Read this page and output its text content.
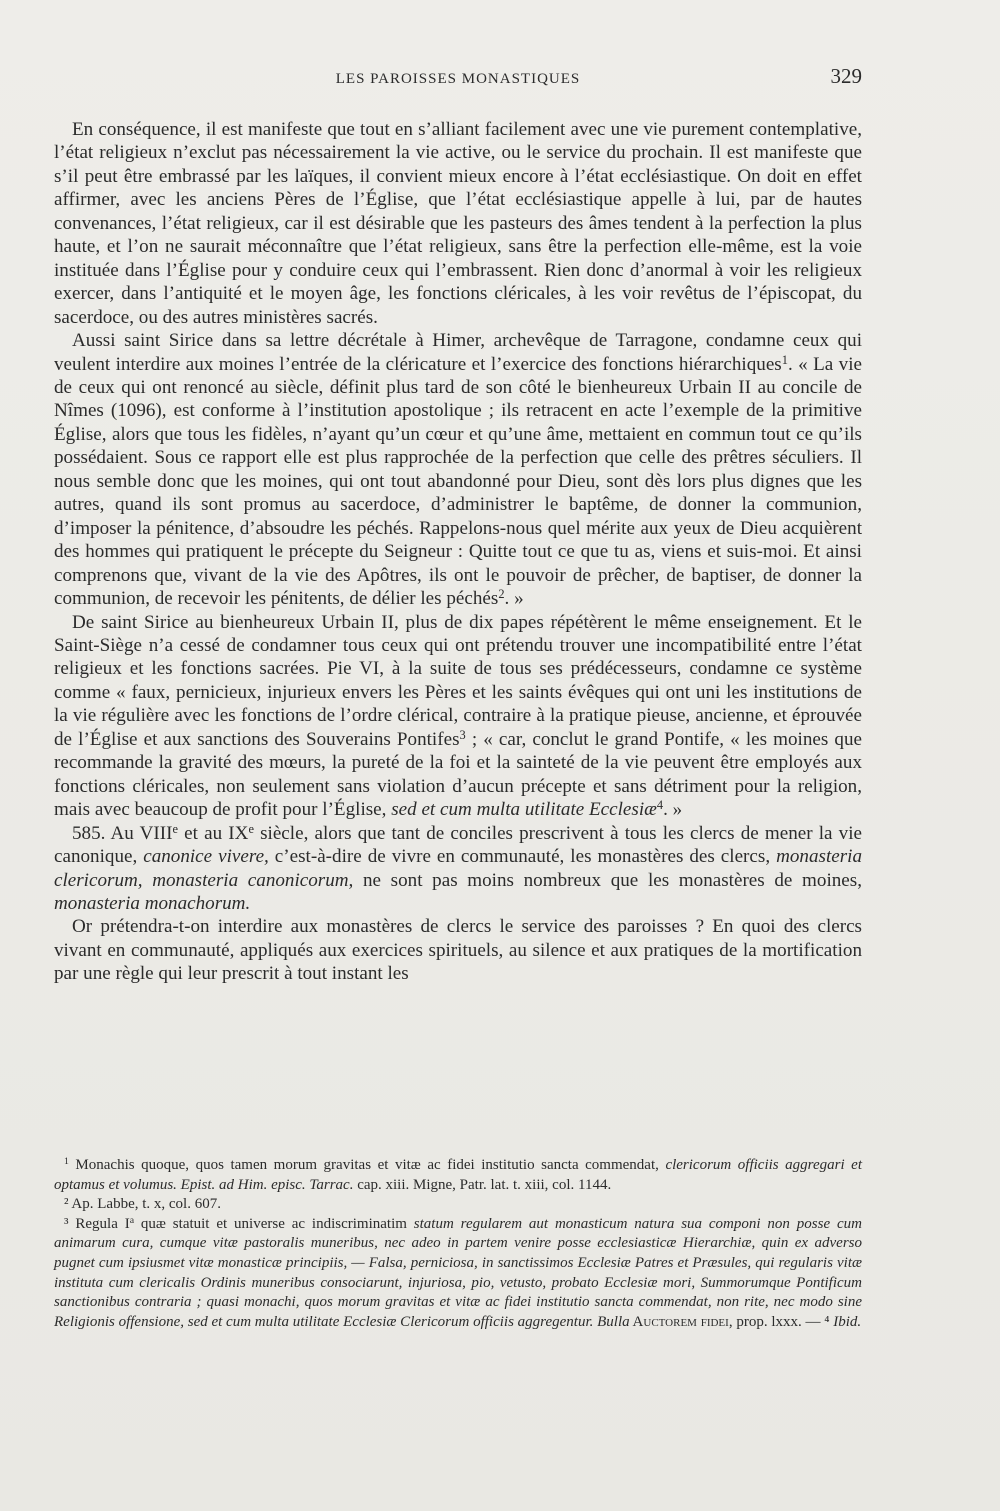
LES PAROISSES MONASTIQUES	329

En conséquence, il est manifeste que tout en s’alliant facilement avec une vie purement contemplative, l’état religieux n’exclut pas nécessairement la vie active, ou le service du prochain. Il est manifeste que s’il peut être embrassé par les laïques, il convient mieux encore à l’état ecclésiastique. On doit en effet affirmer, avec les anciens Pères de l’Église, que l’état ecclésiastique appelle à lui, par de hautes convenances, l’état religieux, car il est désirable que les pasteurs des âmes tendent à la perfection la plus haute, et l’on ne saurait méconnaître que l’état religieux, sans être la perfection elle-même, est la voie instituée dans l’Église pour y conduire ceux qui l’embrassent. Rien donc d’anormal à voir les religieux exercer, dans l’antiquité et le moyen âge, les fonctions cléricales, à les voir revêtus de l’épiscopat, du sacerdoce, ou des autres ministères sacrés.

Aussi saint Sirice dans sa lettre décrétale à Himer, archevêque de Tarragone, condamne ceux qui veulent interdire aux moines l’entrée de la cléricature et l’exercice des fonctions hiérarchiques$^1$. « La vie de ceux qui ont renoncé au siècle, définit plus tard de son côté le bienheureux Urbain II au concile de Nîmes (1096), est conforme à l’institution apostolique ; ils retracent en acte l’exemple de la primitive Église, alors que tous les fidèles, n’ayant qu’un cœur et qu’une âme, mettaient en commun tout ce qu’ils possédaient. Sous ce rapport elle est plus rapprochée de la perfection que celle des prêtres séculiers. Il nous semble donc que les moines, qui ont tout abandonné pour Dieu, sont dès lors plus dignes que les autres, quand ils sont promus au sacerdoce, d’administrer le baptême, de donner la communion, d’imposer la pénitence, d’absoudre les péchés. Rappelons-nous quel mérite aux yeux de Dieu acquièrent des hommes qui pratiquent le précepte du Seigneur : Quitte tout ce que tu as, viens et suis-moi. Et ainsi comprenons que, vivant de la vie des Apôtres, ils ont le pouvoir de prêcher, de baptiser, de donner la communion, de recevoir les pénitents, de délier les péchés$^2$. »

De saint Sirice au bienheureux Urbain II, plus de dix papes répétèrent le même enseignement. Et le Saint-Siège n’a cessé de condamner tous ceux qui ont prétendu trouver une incompatibilité entre l’état religieux et les fonctions sacrées. Pie VI, à la suite de tous ses prédécesseurs, condamne ce système comme « faux, pernicieux, injurieux envers les Pères et les saints évêques qui ont uni les institutions de la vie régulière avec les fonctions de l’ordre clérical, contraire à la pratique pieuse, ancienne, et éprouvée de l’Église et aux sanctions des Souverains Pontifes$^3$ ; « car, conclut le grand Pontife, « les moines que recommande la gravité des mœurs, la pureté de la foi et la sainteté de la vie peuvent être employés aux fonctions cléricales, non seulement sans violation d’aucun précepte et sans détriment pour la religion, mais avec beaucoup de profit pour l’Église, sed et cum multa utilitate Ecclesiæ$^4$. »

585. Au VIIIe et au IXe siècle, alors que tant de conciles prescrivent à tous les clercs de mener la vie canonique, canonice vivere, c’est-à-dire de vivre en communauté, les monastères des clercs, monasteria clericorum, monasteria canonicorum, ne sont pas moins nombreux que les monastères de moines, monasteria monachorum.

Or prétendra-t-on interdire aux monastères de clercs le service des paroisses ? En quoi des clercs vivant en communauté, appliqués aux exercices spirituels, au silence et aux pratiques de la mortification par une règle qui leur prescrit à tout instant les

$^1$ Monachis quoque, quos tamen morum gravitas et vitæ ac fidei institutio sancta commendat, clericorum officiis aggregari et optamus et volumus. Epist. ad Him. episc. Tarrac. cap. xiii. Migne, Patr. lat. t. xiii, col. 1144.

² Ap. Labbe, t. x, col. 607.

³ Regula $I^a$ quæ statuit et universe ac indiscriminatim statum regularem aut monasticum natura sua componi non posse cum animarum cura, cumque vitæ pastoralis muneribus, nec adeo in partem venire posse ecclesiasticæ Hierarchiæ, quin ex adverso pugnet cum ipsiusmet vitæ monasticæ principiis, — Falsa, perniciosa, in sanctissimos Ecclesiæ Patres et Præsules, qui regularis vitæ instituta cum clericalis Ordinis muneribus consociarunt, injuriosa, pio, vetusto, probato Ecclesiæ mori, Summorumque Pontificum sanctionibus contraria ; quasi monachi, quos morum gravitas et vitæ ac fidei institutio sancta commendat, non rite, nec modo sine Religionis offensione, sed et cum multa utilitate Ecclesiæ Clericorum officiis aggregentur. Bulla Auctorem fidei, prop. lxxx. — ⁴ Ibid.
